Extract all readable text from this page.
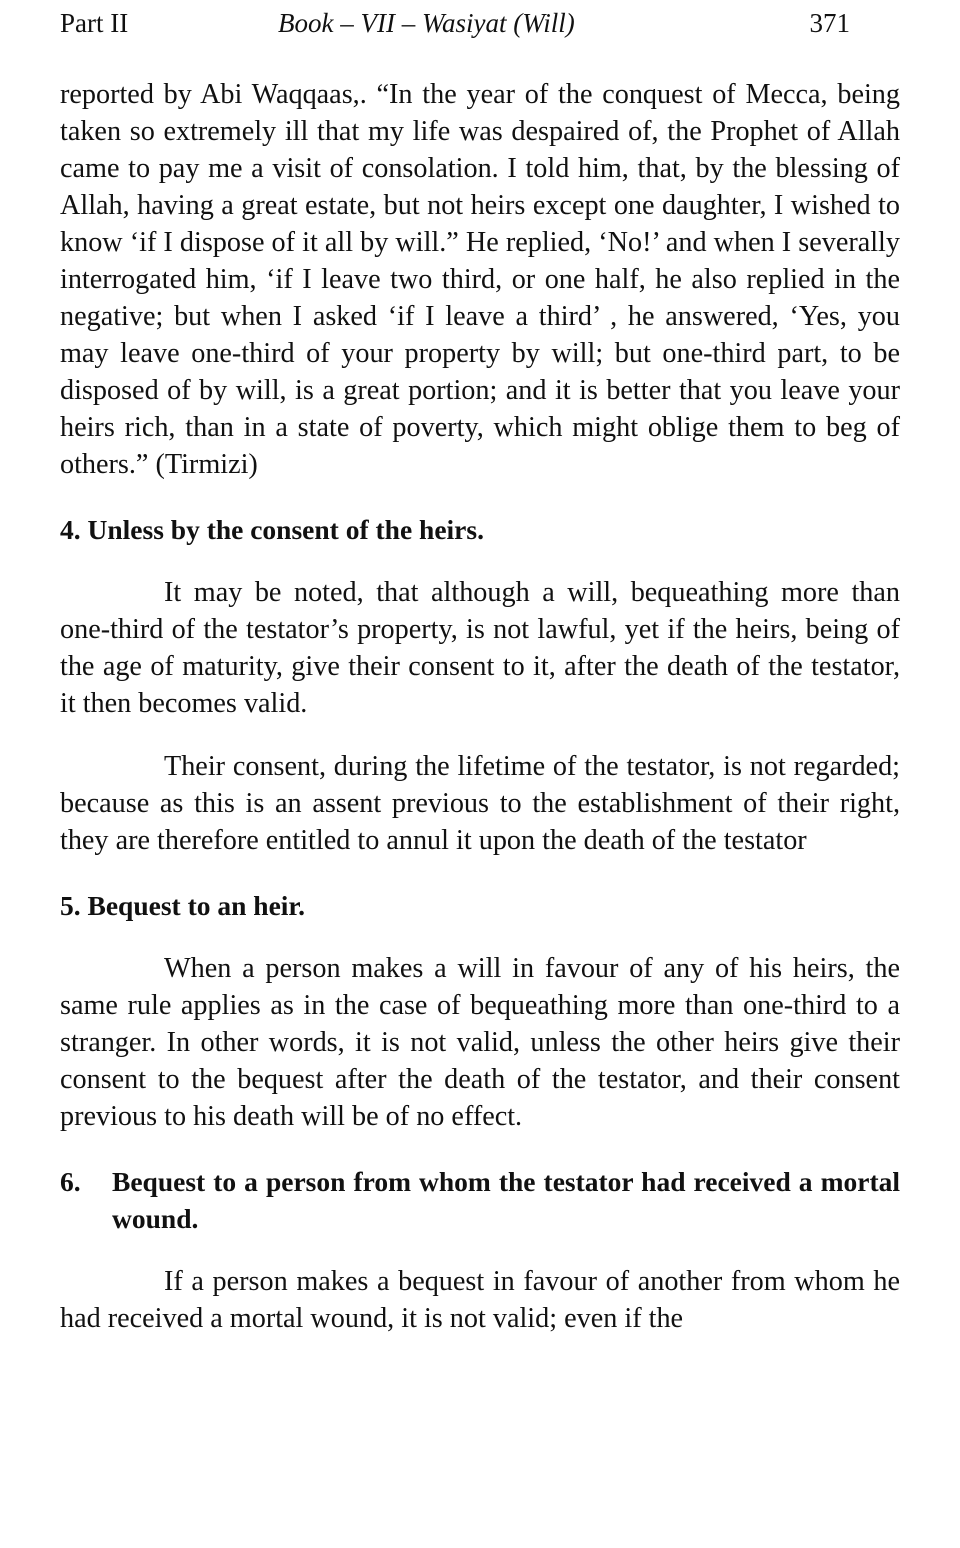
Part II	Book – VII – Wasiyat (Will)	371

reported by Abi Waqqaas,. “In the year of the conquest of Mecca, being taken so extremely ill that my life was despaired of, the Prophet of Allah came to pay me a visit of consolation. I told him, that, by the blessing of Allah, having a great estate, but not heirs except one daughter, I wished to know ‘if I dispose of it all by will.” He replied, ‘No!’ and when I severally interrogated him, ‘if I leave two third, or one half, he also replied in the negative; but when I asked ‘if I leave a third’ , he answered, ‘Yes, you may leave one-third of your property by will; but one-third part, to be disposed of by will, is a great portion; and it is better that you leave your heirs rich, than in a state of poverty, which might oblige them to beg of others.” (Tirmizi)

4. Unless by the consent of the heirs.

It may be noted, that although a will, bequeathing more than one-third of the testator’s property, is not lawful, yet if the heirs, being of the age of maturity, give their consent to it, after the death of the testator, it then becomes valid.

Their consent, during the lifetime of the testator, is not regarded; because as this is an assent previous to the establishment of their right, they are therefore entitled to annul it upon the death of the testator

5. Bequest to an heir.

When a person makes a will in favour of any of his heirs, the same rule applies as in the case of bequeathing more than one-third to a stranger. In other words, it is not valid, unless the other heirs give their consent to the bequest after the death of the testator, and their consent previous to his death will be of no effect.

6.	Bequest to a person from whom the testator had received a mortal wound.

If a person makes a bequest in favour of another from whom he had received a mortal wound, it is not valid; even if the
